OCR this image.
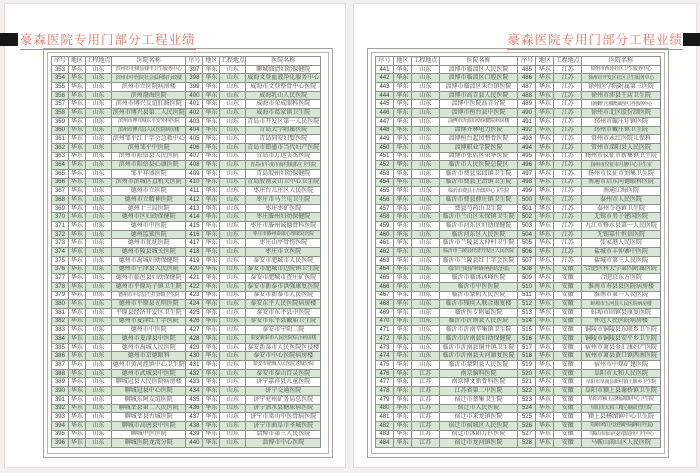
豪森医院专用门部分工程业绩
序号	地区	工程地点	医院名称	序号	地区	工程地点	医院名称
353	华东	山东	滨州市无棣县棣丰卫生服务中心	397	华东	山东	聊城临清妇幼保健院
354	华东	山东	滨州市中医院社会福利院行政楼	398	华东	山东	威海文登血液净化服务中心
355	华东	山东	滨州市立医院病房楼	399	华东	山东	威海市文登整骨中心医院
356	华东	山东	滨州渤海医院	400	华东	山东	威海乳山人民医院
357	华东	山东	滨州市博兴友谊肛肠医院	401	华东	山东	威海市荣成眼科医院
358	华东	山东	滨州市博兴县第二人民医院	402	华东	山东	威海市葛家镇卫生院
359	华东	山东	滨州市博兴城东平安外科医院	403	华东	山东	青岛市开发区第一人民医院
360	华东	山东	滨州市博兴县人民医院病房楼	404	华东	山东	青岛大学附属医院
361	华东	山东	滨州邹平红十字会急救中心	405	华东	山东	青岛同安妇婴医院
362	华东	山东	滨州邹平中医院	406	华东	山东	青岛市即墨市当代妇产医院
363	华东	山东	滨州市阳信县人民医院	407	华东	山东	青岛市万达美杰医院
364	华东	山东	滨州市阳信县心康医院	408	华东	山东	青岛市平度市南村镇郭庄卫生院
365	华东	山东	邹平祥盛医院	409	华东	山东	青岛胶州妇幼保健院
366	华东	山东	滨州市滨城区直机关医院	410	华东	山东	青岛胶南灵山卫中心卫生院
367	华东	山东	德州市立医院	411	华东	山东	枣庄台儿庄区人民医院
368	华东	山东	德州市立精神医院	412	华东	山东	枣庄市马兰屯卫生院
369	华东	山东	德州十三局医院	413	华东	山东	枣庄枣矿医院
370	华东	山东	德州市区妇幼保健院	414	华东	山东	枣庄滕州妇幼保健院
371	华东	山东	德州市中医院	415	华东	山东	枣庄市滕州诚德骨科医院
372	华东	山东	德州监狱医院	416	华东	山东	枣庄市滕州泰康心理康复医院
373	华东	山东	德州市优抚医院	417	华东	山东	枣庄山亭骨伤医院
374	华东	山东	德州市陵县城关医院	418	华东	山东	枣庄市立医院
375	华东	山东	德州市禹城妇幼保健院	419	华东	山东	泰安市肥城市人民医院
376	华东	山东	德州市宁津县人民医院	420	华东	山东	泰安市肥城市边院镇卫生院
377	华东	山东	德州市临邑县妇幼保健院	421	华东	山东	泰安市肥城市查庄矿医院
378	华东	山东	德州市平原坊子镇卫生院	422	华东	山东	泰安市新泰市洪强康复医院
379	华东	山东	德州市平原县王打卦镇卫生院	423	华东	山东	泰安市新泰市人民医院
380	华东	山东	德州市平原县光明医院	424	华东	山东	泰安东平人民医院病房楼
381	华东	山东	平原县经济开发区卫生院	425	华东	山东	泰安市东平县中医院
382	华东	山东	德州市夏津红十字医院	426	华东	山东	泰安市东平县戴庙卫生院
383	华东	山东	德州市中医院	427	华东	山东	泰安市宁阳二院
384	华东	山东	德州市夏津县中医院	428	华东	山东	泰安新泰市人民医院综合病房楼
385	华东	山东	德州市禹城人民医院	429	华东	山东	泰安新泰市人民医院医技楼
386	华东	山东	德州市京德眼科	430	华东	山东	泰安市中心医院病房楼
387	华东	山东	德州市黄河涯镇中心卫生院	431	华东	山东	泰安市肥城人民医院老城分院
388	华东	山东	德州市武城县中医院	432	华东	山东	泰安市泰山百灵医院
389	华东	山东	聊城冠县人民医院病房楼	433	华东	山东	济宁嘉祥县儿童医院
390	华东	山东	聊城冠县中心医院	434	华东	山东	济宁交通医院
391	华东	山东	聊城东阿友谊医院	435	华东	山东	济宁兖州矿务局总医院
392	华东	山东	聊城莘县第二人民医院	436	华东	山东	济宁泗水县糖尿病医院
393	华东	山东	聊城莘县古城医院	437	华东	山东	济宁市梁山中医骨病医院
394	华东	山东	聊城市高唐县中医院	438	华东	山东	济宁市曲阜市圣城医院
395	华东	山东	聊城中医医院	439	华东	山东	淄博市第三人民医院
396	华东	山东	聊城医院龙湾分院	440	华东	山东	淄博市中心医院
豪森医院专用门部分工程业绩
序号	地区	工程地点	医院名称	序号	地区	工程地点	医院名称
441	华东	山东	淄博市临淄区人民医院	485	华东	江苏	徐州市西苑社区卫生服务中心
442	华东	山东	淄博市临淄区口腔医院	486	华东	江苏	徐州市开发区社区卫生服务中心
443	华东	山东	淄博市临淄区朱台镇医院	487	华东	江苏	徐州医学院附属第三医院
444	华东	山东	淄博市高青县人民医院	488	华东	江苏	徐州市沛县王店卫生院
445	华东	山东	淄博中医院高青分院	489	华东	江苏	徐州睢宁县魏集镇西区卫生服务中心
446	华东	山东	淄博市桓台县中医院	490	华东	江苏	徐州市北区股份制医院
447	华东	山东	淄博市沂源妇幼保健院病房楼	491	华东	江苏	邳州市碾庄圩镇医院
448	华东	山东	淄博齐林电力医院	492	华东	江苏	邳州市戴庄镇卫生院
449	华东	山东	淄博桓台起凤整骨医院	493	华东	江苏	常州市永红医院儿保科
450	华东	山东	淄博职业学院医院	494	华东	江苏	常州市溧阳县人民医院
451	华东	山东	淄博市张店区荣华医院	495	华东	江苏	扬州市仪征市新集镇卫生院
452	华东	山东	临沂市人民医院总院区	496	华东	江苏	扬州市仪征市月塘中心卫生室
453	华东	山东	临沂市费县梁邱镇卫生院	497	华东	江苏	扬州市仪征市刘集卫生院
454	华东	山东	临沂市费县上冶镇卫生院	498	华东	江苏	南通市启东同德眼科医院
455	华东	山东	临沂市费县上冶镇中心卫生院	499	华东	江苏	南通江海医院
456	华东	山东	临沂市费县薛庄镇卫生院	500	华东	江苏	泰州市人民医院
457	华东	山东	费县芍药山卫生院	501	华东	江苏	泰州寺巷镇卫生院
458	华东	山东	临沂市兰山区朱保镇卫生院	502	华东	江苏	无锡市男子建国医院
459	华东	山东	临沂市河东区妇幼保健院	503	华东	江苏	九江市修水县第一人民医院
460	华东	山东	临沂河东区人民医院	504	华东	江苏	无锡嘉仕恒信医院
461	华东	山东	临沂市兰陵县大仲村卫生院	505	华东	江苏	张家港人民医院
462	华东	山东	临沂市兰陵县经济开发区人民医院	506	华东	江苏	盐城市丰仲寨中医院
463	华东	山东	临沂市兰陵县红十字会医院	507	华东	江苏	盐城市第三人民医院
464	华东	山东	临沂市兰陵县芦柞镇中西医结合医院	508	华东	安徽	合肥医科大学第四附属医院
465	华东	山东	临沂市临沭沭峰医院	509	华东	安徽	合肥京东方医院
466	华东	山东	临沂市中医医院	510	华东	安徽	淮南市寿县县医院病房楼
467	华东	山东	临沂市蒙阴人民医院	511	华东	安徽	淮南市第一人民医院
468	华东	山东	临沂市残疾人联合康复楼	512	华东	安徽	蚌埠市五河县人民医院病房楼
469	华东	山东	临沂医专附属医院	513	华东	安徽	蚌埠市固镇县康复医院
470	华东	山东	临沂市沂南县人民医院	514	华东	安徽	怀远人民医院病房楼
471	华东	山东	临沂市沂南辛集镇卫生院	515	华东	安徽	铜陵市铜陵县东联乡卫生院
472	华东	山东	临沂市沂南县妇幼保健院	516	华东	安徽	铜陵市铜陵县安平乡卫生院
473	华东	山东	临沂市沂南县铜井镇卫生院	517	华东	安徽	宿州市萧县金汇康妇产医院
474	华东	山东	临沂市沂南县天河康复医院	518	华东	安徽	宿州市萧县黄口镇西南医院
475	华东	山东	临沂市蒙阴县人民医院	519	华东	安徽	宿州市中煤矿建医院
476	华东	江苏	南京脑科医院	520	华东	安徽	阜阳市太和人民医院
477	华东	江苏	南京博文新骨科医院	521	华东	安徽	阜阳市阜南县新村镇王堰乡卫生院
478	华东	江苏	江苏省第二中医院	522	华东	安徽	阜阳市颍上县谢桥镇卫生院
479	华东	江苏	宿迁市蔡集卫生院	523	华东	安徽	阜阳市颍上县杨湖镇中心卫生院
480	华东	江苏	宿迁市人民医院	524	华东	安徽	阜阳市太和三精心脑血管医院
481	华东	江苏	宿迁市来龙镇医院	525	华东	安徽	颍上县杨湖镇中心卫生院
482	华东	江苏	宿迁市宿城区人民医院	526	华东	安徽	芜湖市鸠江区沈巷镇医院(朝阳卫生院)
483	华东	江苏	宿迁市沭阳万匹医院	527	华东	安徽	马鞍山市雨山区安民街道社区卫生中心
484	华东	江苏	宿迁市龙河镇医院	528	华东	安徽	马鞍山雨山区人民医院
